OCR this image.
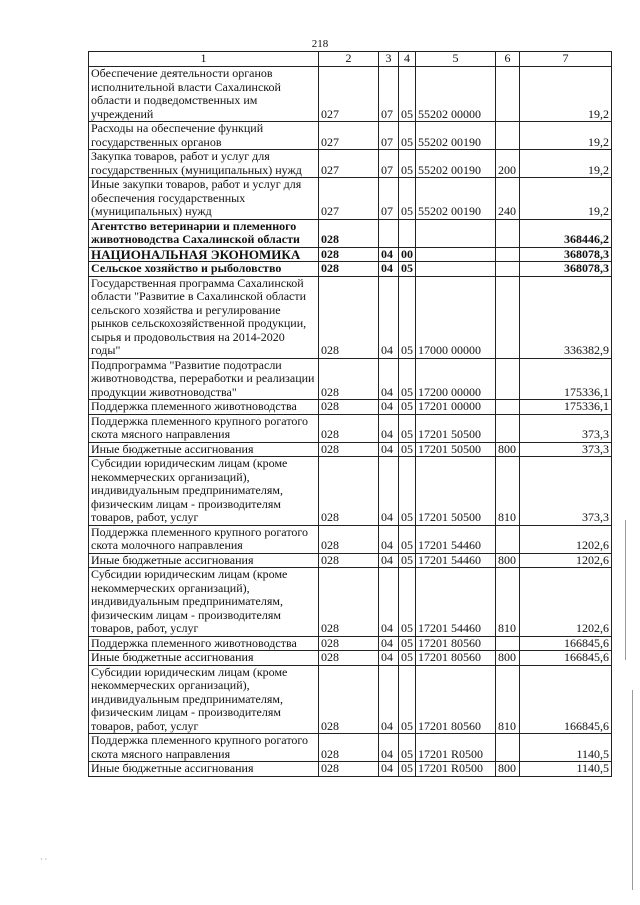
218
1	2	3	4	5	6	7
Обеспечение деятельности органов исполнительной власти Сахалинской области и подведомственных им учреждений	027	07	05	55202 00000		19,2
Расходы на обеспечение функций государственных органов	027	07	05	55202 00190		19,2
Закупка товаров, работ и услуг для государственных (муниципальных) нужд	027	07	05	55202 00190	200	19,2
Иные закупки товаров, работ и услуг для обеспечения государственных (муниципальных) нужд	027	07	05	55202 00190	240	19,2
Агентство ветеринарии и племенного животноводства Сахалинской области	028					368446,2
НАЦИОНАЛЬНАЯ ЭКОНОМИКА	028	04	00			368078,3
Сельское хозяйство и рыболовство	028	04	05			368078,3
Государственная программа Сахалинской области "Развитие в Сахалинской области сельского хозяйства и регулирование рынков сельскохозяйственной продукции, сырья и продовольствия на 2014-2020 годы"	028	04	05	17000 00000		336382,9
Подпрограмма "Развитие подотрасли животноводства, переработки и реализации продукции животноводства"	028	04	05	17200 00000		175336,1
Поддержка племенного животноводства	028	04	05	17201 00000		175336,1
Поддержка племенного крупного рогатого скота мясного направления	028	04	05	17201 50500		373,3
Иные бюджетные ассигнования	028	04	05	17201 50500	800	373,3
Субсидии юридическим лицам (кроме некоммерческих организаций), индивидуальным предпринимателям, физическим лицам - производителям товаров, работ, услуг	028	04	05	17201 50500	810	373,3
Поддержка племенного крупного рогатого скота молочного направления	028	04	05	17201 54460		1202,6
Иные бюджетные ассигнования	028	04	05	17201 54460	800	1202,6
Субсидии юридическим лицам (кроме некоммерческих организаций), индивидуальным предпринимателям, физическим лицам - производителям товаров, работ, услуг	028	04	05	17201 54460	810	1202,6
Поддержка племенного животноводства	028	04	05	17201 80560		166845,6
Иные бюджетные ассигнования	028	04	05	17201 80560	800	166845,6
Субсидии юридическим лицам (кроме некоммерческих организаций), индивидуальным предпринимателям, физическим лицам - производителям товаров, работ, услуг	028	04	05	17201 80560	810	166845,6
Поддержка племенного крупного рогатого скота мясного направления	028	04	05	17201 R0500		1140,5
Иные бюджетные ассигнования	028	04	05	17201 R0500	800	1140,5
· ·
